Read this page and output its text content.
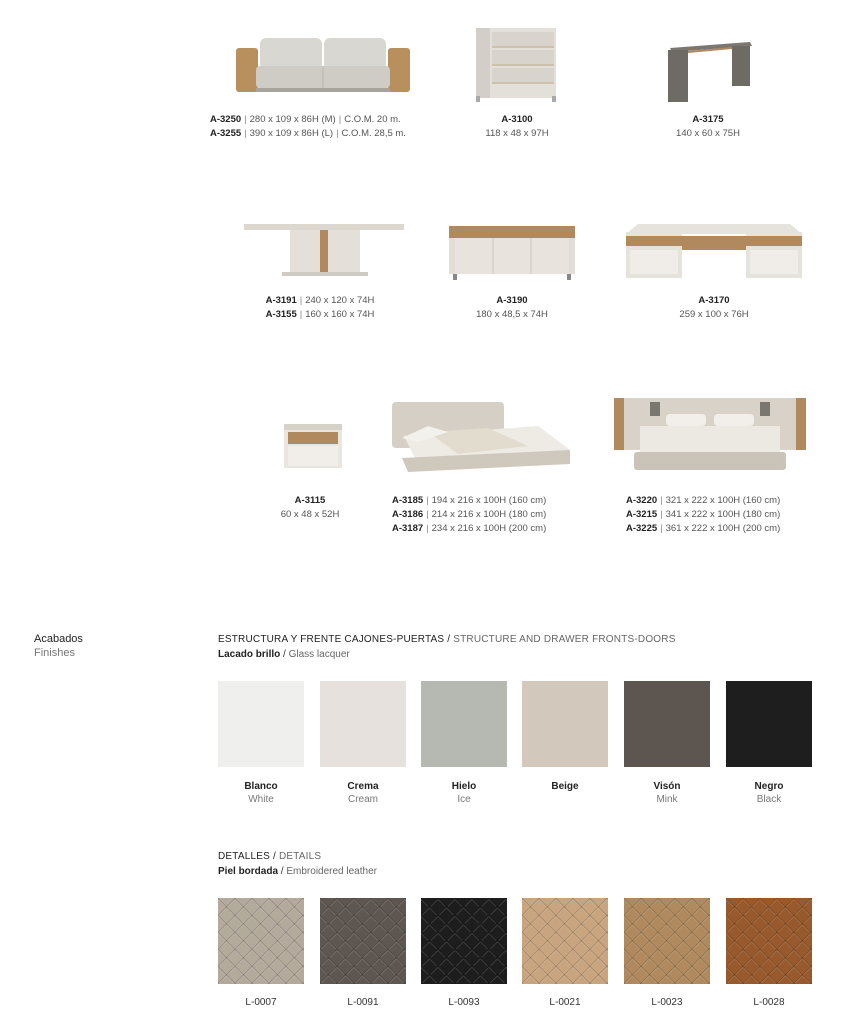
A-3250 | 280 x 109 x 86H (M) | C.O.M. 20 m.
A-3255 | 390 x 109 x 86H (L) | C.O.M. 28,5 m.
A-3100
118 x 48 x 97H
A-3175
140 x 60 x 75H
A-3191 | 240 x 120 x 74H
A-3155 | 160 x 160 x 74H
A-3190
180 x 48,5 x 74H
A-3170
259 x 100 x 76H
A-3115
60 x 48 x 52H
A-3185 | 194 x 216 x 100H (160 cm)
A-3186 | 214 x 216 x 100H (180 cm)
A-3187 | 234 x 216 x 100H (200 cm)
A-3220 | 321 x 222 x 100H (160 cm)
A-3215 | 341 x 222 x 100H (180 cm)
A-3225 | 361 x 222 x 100H (200 cm)
Acabados
Finishes
ESTRUCTURA Y FRENTE CAJONES-PUERTAS / STRUCTURE AND DRAWER FRONTS-DOORS
Lacado brillo / Glass lacquer
Blanco
White
Crema
Cream
Hielo
Ice
Beige	Visón
Mink
Negro
Black
DETALLES / DETAILS
Piel bordada / Embroidered leather
L-0007	L-0091	L-0093	L-0021	L-0023	L-0028
